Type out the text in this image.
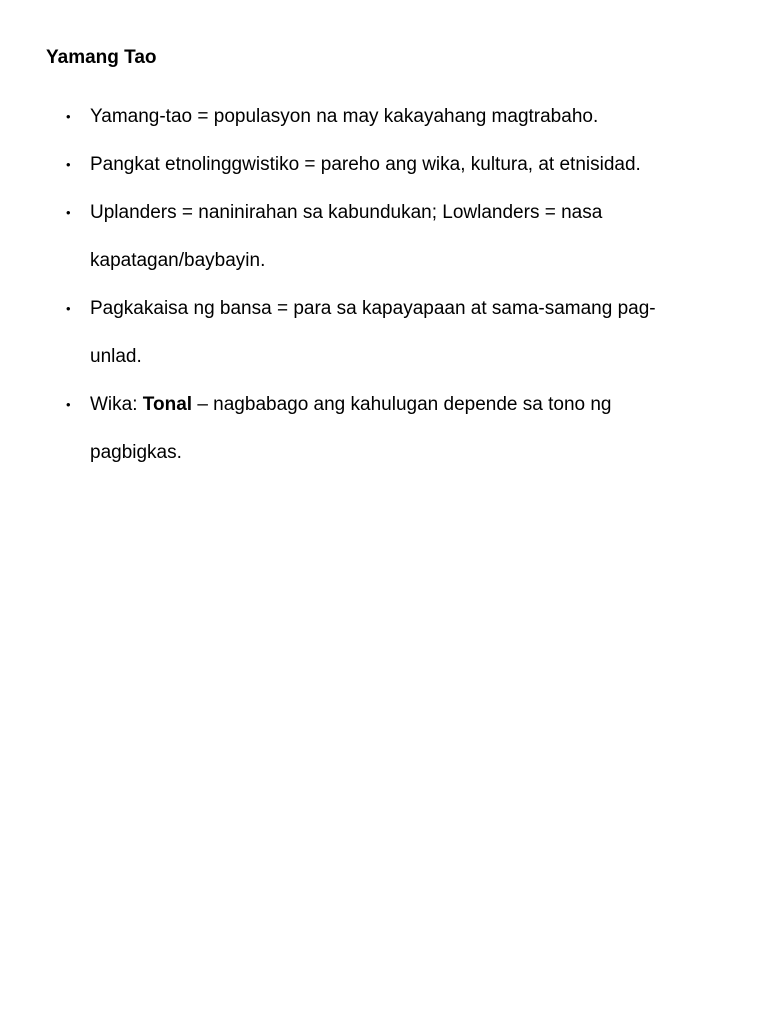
Yamang Tao
• Yamang-tao = populasyon na may kakayahang magtrabaho.
• Pangkat etnolinggwistiko = pareho ang wika, kultura, at etnisidad.
• Uplanders = naninirahan sa kabundukan; Lowlanders = nasa kapatagan/baybayin.
• Pagkakaisa ng bansa = para sa kapayapaan at sama-samang pag-unlad.
• Wika: Tonal – nagbabago ang kahulugan depende sa tono ng pagbigkas.
